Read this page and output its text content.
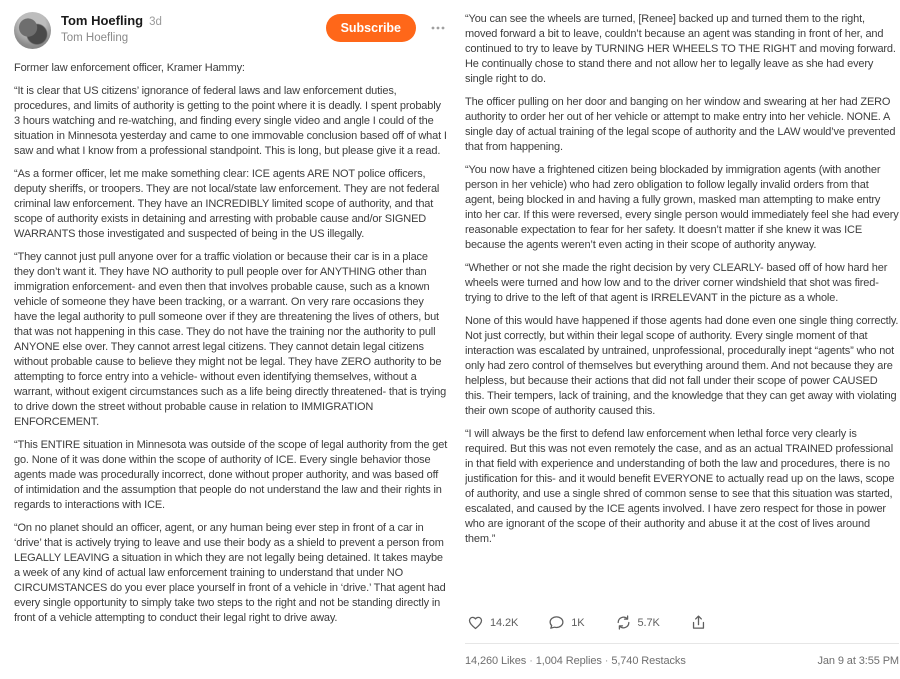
Tom Hoefling 3d
Tom Hoefling
Subscribe

Former law enforcement officer, Kramer Hammy:

“It is clear that US citizens’ ignorance of federal laws and law enforcement duties, procedures, and limits of authority is getting to the point where it is deadly. I spent probably 3 hours watching and re-watching, and finding every single video and angle I could of the situation in Minnesota yesterday and came to one immovable conclusion based off of what I saw and what I know from a professional standpoint. This is long, but please give it a read.

“As a former officer, let me make something clear: ICE agents ARE NOT police officers, deputy sheriffs, or troopers. They are not local/state law enforcement. They are not federal criminal law enforcement. They have an INCREDIBLY limited scope of authority, and that scope of authority exists in detaining and arresting with probable cause and/or SIGNED WARRANTS those investigated and suspected of being in the US illegally.

“They cannot just pull anyone over for a traffic violation or because their car is in a place they don’t want it. They have NO authority to pull people over for ANYTHING other than immigration enforcement- and even then that involves probable cause, such as a known vehicle of someone they have been tracking, or a warrant. On very rare occasions they have the legal authority to pull someone over if they are threatening the lives of others, but that was not happening in this case. They do not have the training nor the authority to pull ANYONE else over. They cannot arrest legal citizens. They cannot detain legal citizens without probable cause to believe they might not be legal. They have ZERO authority to be attempting to force entry into a vehicle- without even identifying themselves, without a warrant, without exigent circumstances such as a life being directly threatened- that is trying to drive down the street without probable cause in relation to IMMIGRATION ENFORCEMENT.

“This ENTIRE situation in Minnesota was outside of the scope of legal authority from the get go. None of it was done within the scope of authority of ICE. Every single behavior those agents made was procedurally incorrect, done without proper authority, and was based off of intimidation and the assumption that people do not understand the law and their rights in regards to interactions with ICE.

“On no planet should an officer, agent, or any human being ever step in front of a car in ‘drive’ that is actively trying to leave and use their body as a shield to prevent a person from LEGALLY LEAVING a situation in which they are not legally being detained. It takes maybe a week of any kind of actual law enforcement training to understand that under NO CIRCUMSTANCES do you ever place yourself in front of a vehicle in ‘drive.’ That agent had every single opportunity to simply take two steps to the right and not be standing directly in front of a vehicle attempting to conduct their legal right to drive away.

“You can see the wheels are turned, [Renee] backed up and turned them to the right, moved forward a bit to leave, couldn’t because an agent was standing in front of her, and continued to try to leave by TURNING HER WHEELS TO THE RIGHT and moving forward. He continually chose to stand there and not allow her to legally leave as she had every single right to do.

The officer pulling on her door and banging on her window and swearing at her had ZERO authority to order her out of her vehicle or attempt to make entry into her vehicle. NONE. A single day of actual training of the legal scope of authority and the LAW would’ve prevented that from happening.

“You now have a frightened citizen being blockaded by immigration agents (with another person in her vehicle) who had zero obligation to follow legally invalid orders from that agent, being blocked in and having a fully grown, masked man attempting to make entry into her car. If this were reversed, every single person would immediately feel she had every reasonable expectation to fear for her safety. It doesn’t matter if she knew it was ICE because the agents weren’t even acting in their scope of authority anyway.

“Whether or not she made the right decision by very CLEARLY- based off of how hard her wheels were turned and how low and to the driver corner windshield that shot was fired- trying to drive to the left of that agent is IRRELEVANT in the picture as a whole.

None of this would have happened if those agents had done even one single thing correctly. Not just correctly, but within their legal scope of authority. Every single moment of that interaction was escalated by untrained, unprofessional, procedurally inept “agents” who not only had zero control of themselves but everything around them. And not because they are helpless, but because their actions that did not fall under their scope of power CAUSED this. Their tempers, lack of training, and the knowledge that they can get away with violating their own scope of authority caused this.

“I will always be the first to defend law enforcement when lethal force very clearly is required. But this was not even remotely the case, and as an actual TRAINED professional in that field with experience and understanding of both the law and procedures, there is no justification for this- and it would benefit EVERYONE to actually read up on the laws, scope of authority, and use a single shred of common sense to see that this situation was started, escalated, and caused by the ICE agents involved. I have zero respect for those in power who are ignorant of the scope of their authority and abuse it at the cost of lives around them.”

14.2K	1K	5.7K
14,260 Likes · 1,004 Replies · 5,740 Restacks	Jan 9 at 3:55 PM
